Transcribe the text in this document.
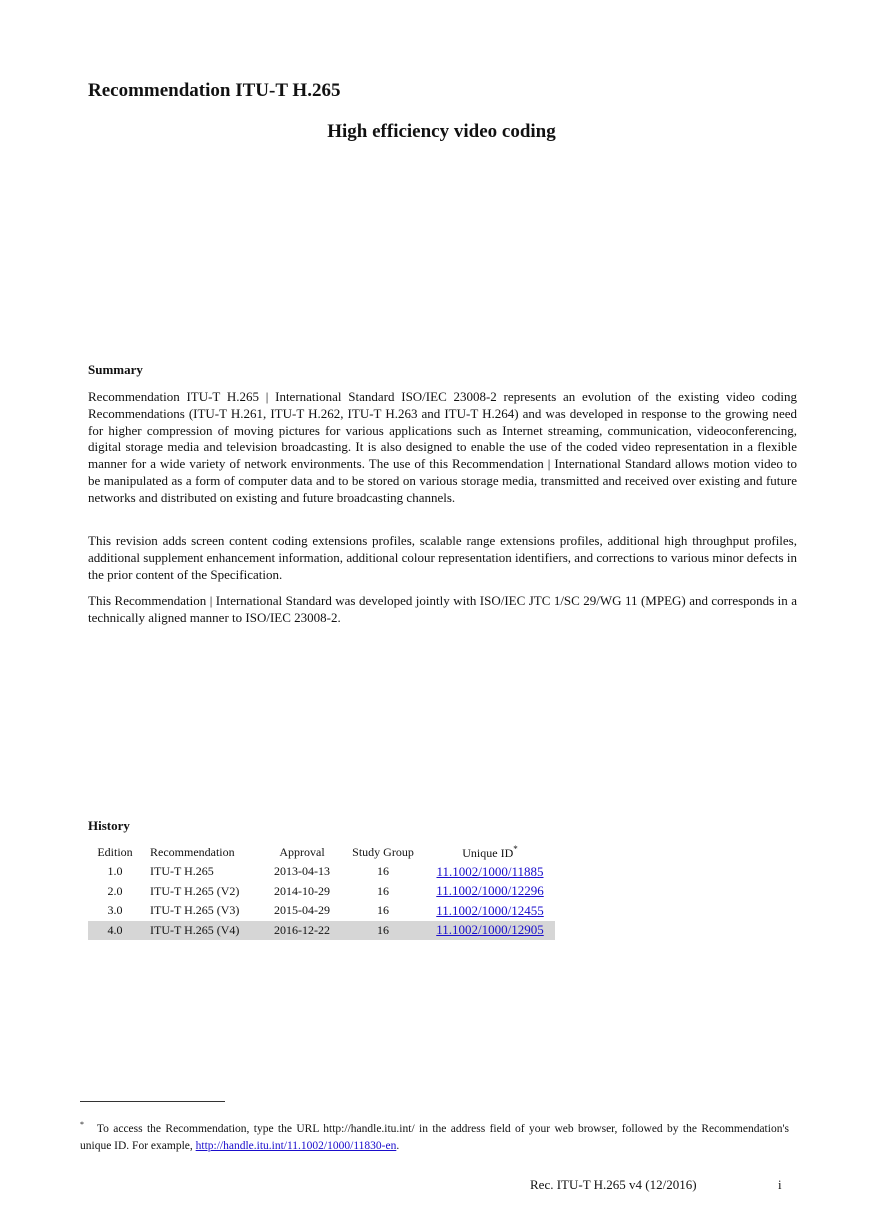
Recommendation ITU-T H.265
High efficiency video coding
Summary

Recommendation ITU-T H.265 | International Standard ISO/IEC 23008-2 represents an evolution of the existing video coding Recommendations (ITU-T H.261, ITU-T H.262, ITU-T H.263 and ITU-T H.264) and was developed in response to the growing need for higher compression of moving pictures for various applications such as Internet streaming, communication, videoconferencing, digital storage media and television broadcasting. It is also designed to enable the use of the coded video representation in a flexible manner for a wide variety of network environments. The use of this Recommendation | International Standard allows motion video to be manipulated as a form of computer data and to be stored on various storage media, transmitted and received over existing and future networks and distributed on existing and future broadcasting channels.

This revision adds screen content coding extensions profiles, scalable range extensions profiles, additional high throughput profiles, additional supplement enhancement information, additional colour representation identifiers, and corrections to various minor defects in the prior content of the Specification.

This Recommendation | International Standard was developed jointly with ISO/IEC JTC 1/SC 29/WG 11 (MPEG) and corresponds in a technically aligned manner to ISO/IEC 23008-2.

History
Edition	Recommendation	Approval	Study Group	Unique ID*
1.0	ITU-T H.265	2013-04-13	16	11.1002/1000/11885
2.0	ITU-T H.265 (V2)	2014-10-29	16	11.1002/1000/12296
3.0	ITU-T H.265 (V3)	2015-04-29	16	11.1002/1000/12455
4.0	ITU-T H.265 (V4)	2016-12-22	16	11.1002/1000/12905

* To access the Recommendation, type the URL http://handle.itu.int/ in the address field of your web browser, followed by the Recommendation's unique ID. For example, http://handle.itu.int/11.1002/1000/11830-en.

Rec. ITU-T H.265 v4 (12/2016)	i
